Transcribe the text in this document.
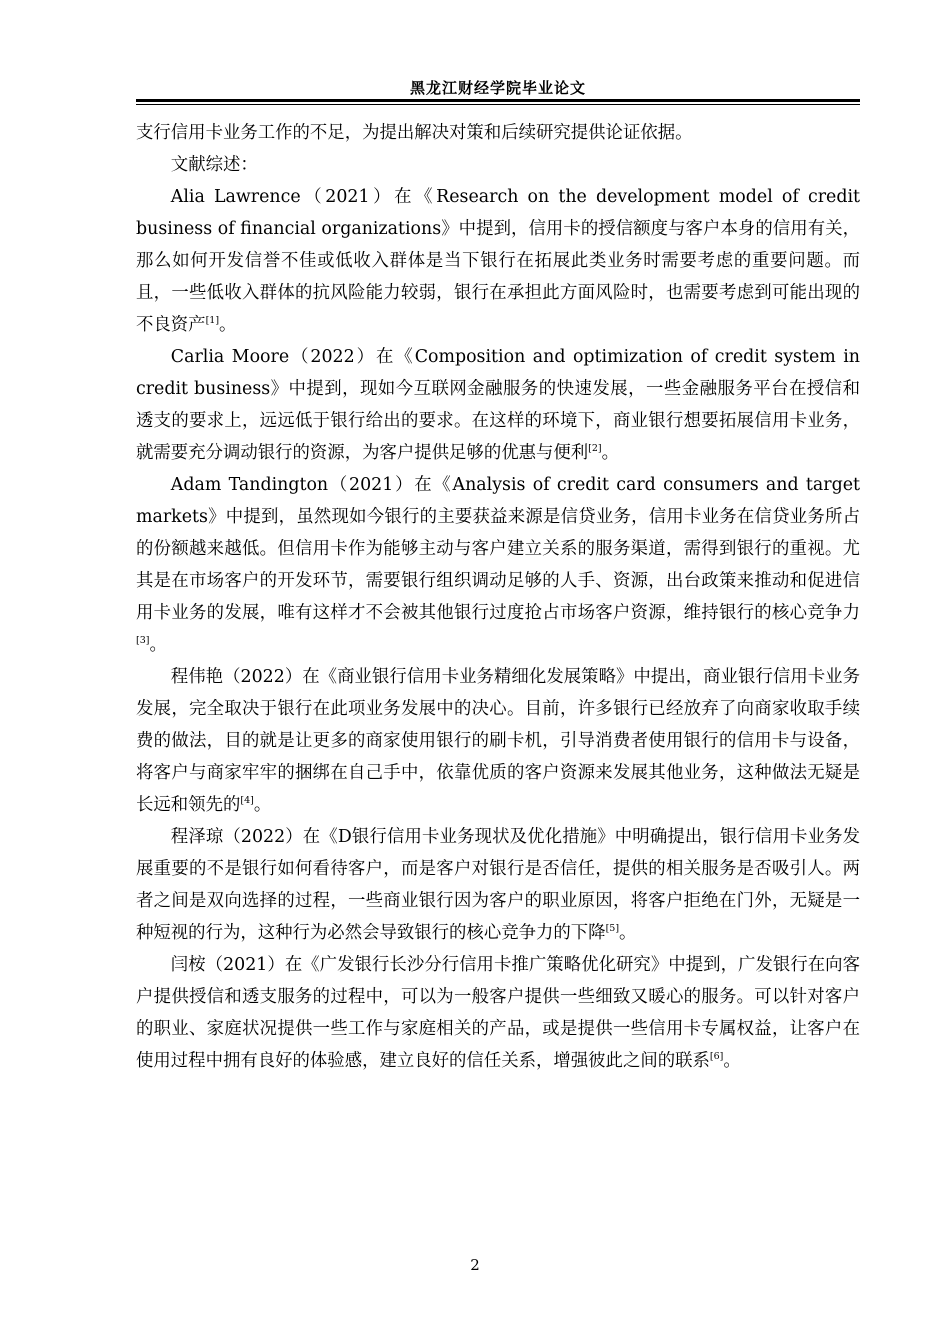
黑龙江财经学院毕业论文

支行信用卡业务工作的不足，为提出解决对策和后续研究提供论证依据。

文献综述：

Alia Lawrence（2021）在《Research on the development model of credit business of financial organizations》中提到，信用卡的授信额度与客户本身的信用有关，那么如何开发信誉不佳或低收入群体是当下银行在拓展此类业务时需要考虑的重要问题。而且，一些低收入群体的抗风险能力较弱，银行在承担此方面风险时，也需要考虑到可能出现的不良资产[1]。

Carlia Moore（2022）在《Composition and optimization of credit system in credit business》中提到，现如今互联网金融服务的快速发展，一些金融服务平台在授信和透支的要求上，远远低于银行给出的要求。在这样的环境下，商业银行想要拓展信用卡业务，就需要充分调动银行的资源，为客户提供足够的优惠与便利[2]。

Adam Tandington（2021）在《Analysis of credit card consumers and target markets》中提到，虽然现如今银行的主要获益来源是信贷业务，信用卡业务在信贷业务所占的份额越来越低。但信用卡作为能够主动与客户建立关系的服务渠道，需得到银行的重视。尤其是在市场客户的开发环节，需要银行组织调动足够的人手、资源，出台政策来推动和促进信用卡业务的发展，唯有这样才不会被其他银行过度抢占市场客户资源，维持银行的核心竞争力[3]。

程伟艳（2022）在《商业银行信用卡业务精细化发展策略》中提出，商业银行信用卡业务发展，完全取决于银行在此项业务发展中的决心。目前，许多银行已经放弃了向商家收取手续费的做法，目的就是让更多的商家使用银行的刷卡机，引导消费者使用银行的信用卡与设备，将客户与商家牢牢的捆绑在自己手中，依靠优质的客户资源来发展其他业务，这种做法无疑是长远和领先的[4]。

程泽琼（2022）在《D银行信用卡业务现状及优化措施》中明确提出，银行信用卡业务发展重要的不是银行如何看待客户，而是客户对银行是否信任，提供的相关服务是否吸引人。两者之间是双向选择的过程，一些商业银行因为客户的职业原因，将客户拒绝在门外，无疑是一种短视的行为，这种行为必然会导致银行的核心竞争力的下降[5]。

闫桉（2021）在《广发银行长沙分行信用卡推广策略优化研究》中提到，广发银行在向客户提供授信和透支服务的过程中，可以为一般客户提供一些细致又暖心的服务。可以针对客户的职业、家庭状况提供一些工作与家庭相关的产品，或是提供一些信用卡专属权益，让客户在使用过程中拥有良好的体验感，建立良好的信任关系，增强彼此之间的联系[6]。

2
